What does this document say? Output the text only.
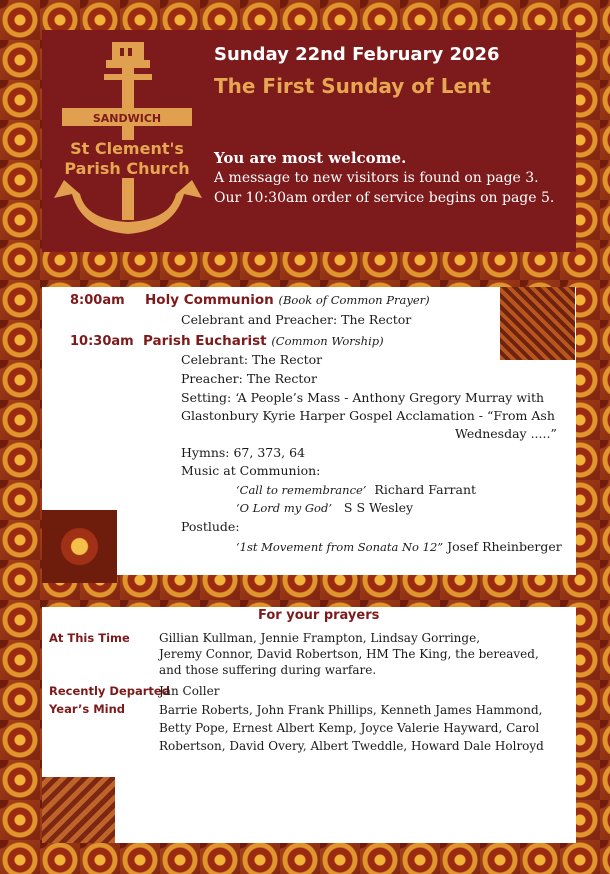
SANDWICH
St Clement's
Parish Church
Sunday 22nd February 2026
The First Sunday of Lent
You are most welcome.
A message to new visitors is found on page 3.
Our 10:30am order of service begins on page 5.
8:00am Holy Communion (Book of Common Prayer)
Celebrant and Preacher: The Rector
10:30am Parish Eucharist (Common Worship)
Celebrant: The Rector
Preacher: The Rector
Setting: ‘A People’s Mass - Anthony Gregory Murray with
Glastonbury Kyrie Harper Gospel Acclamation - “From Ash
Wednesday .....”
Hymns: 67, 373, 64
Music at Communion:
‘Call to remembrance’ Richard Farrant
‘O Lord my God’ S S Wesley
Postlude:
‘1st Movement from Sonata No 12” Josef Rheinberger
For your prayers
At This Time Gillian Kullman, Jennie Frampton, Lindsay Gorringe,
Jeremy Connor, David Robertson, HM The King, the bereaved,
and those suffering during warfare.
Recently Departed
Jan Coller
Year’s Mind	Barrie Roberts, John Frank Phillips, Kenneth James Hammond,
Betty Pope, Ernest Albert Kemp, Joyce Valerie Hayward, Carol
Robertson, David Overy, Albert Tweddle, Howard Dale Holroyd
